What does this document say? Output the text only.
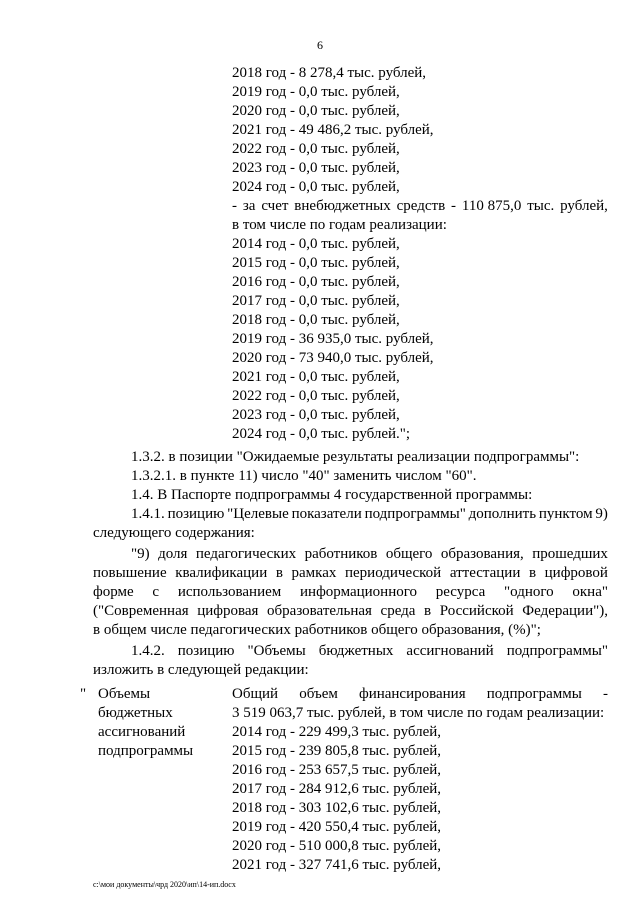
6
2018 год - 8 278,4 тыс. рублей,
2019 год - 0,0 тыс. рублей,
2020 год - 0,0 тыс. рублей,
2021 год - 49 486,2 тыс. рублей,
2022 год - 0,0 тыс. рублей,
2023 год - 0,0 тыс. рублей,
2024 год - 0,0 тыс. рублей,
- за счет внебюджетных средств - 110 875,0 тыс. рублей,
в том числе по годам реализации:
2014 год - 0,0 тыс. рублей,
2015 год - 0,0 тыс. рублей,
2016 год - 0,0 тыс. рублей,
2017 год - 0,0 тыс. рублей,
2018 год - 0,0 тыс. рублей,
2019 год - 36 935,0 тыс. рублей,
2020 год - 73 940,0 тыс. рублей,
2021 год - 0,0 тыс. рублей,
2022 год - 0,0 тыс. рублей,
2023 год - 0,0 тыс. рублей,
2024 год - 0,0 тыс. рублей.";
1.3.2. в позиции "Ожидаемые результаты реализации подпрограммы":
1.3.2.1. в пункте 11) число "40" заменить числом "60".
1.4. В Паспорте подпрограммы 4 государственной программы:
1.4.1. позицию "Целевые показатели подпрограммы" дополнить пунктом 9)
следующего содержания:
"9) доля педагогических работников общего образования, прошедших
повышение квалификации в рамках периодической аттестации в цифровой
форме с использованием информационного ресурса "одного окна"
("Современная цифровая образовательная среда в Российской Федерации"),
в общем числе педагогических работников общего образования, (%)";
1.4.2. позицию "Объемы бюджетных ассигнований подпрограммы"
изложить в следующей редакции:
" Объемы
бюджетных
ассигнований
подпрограммы
Общий объем финансирования подпрограммы -
3 519 063,7 тыс. рублей, в том числе по годам реализации:
2014 год - 229 499,3 тыс. рублей,
2015 год - 239 805,8 тыс. рублей,
2016 год - 253 657,5 тыс. рублей,
2017 год - 284 912,6 тыс. рублей,
2018 год - 303 102,6 тыс. рублей,
2019 год - 420 550,4 тыс. рублей,
2020 год - 510 000,8 тыс. рублей,
2021 год - 327 741,6 тыс. рублей,
c:\мои документы\чрд 2020\ип\14-ип.docx
